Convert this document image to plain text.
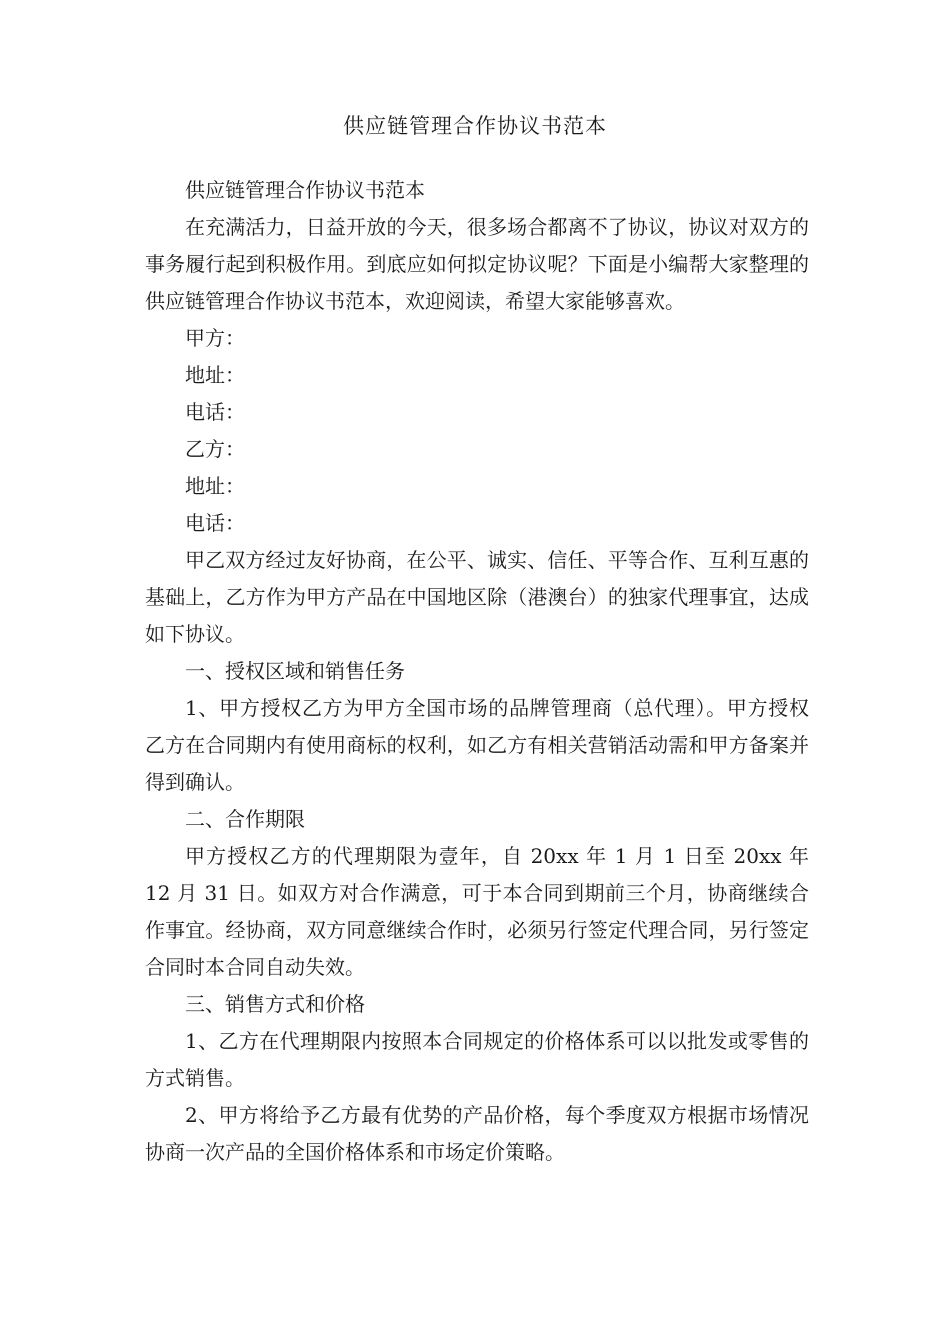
供应链管理合作协议书范本

供应链管理合作协议书范本

在充满活力，日益开放的今天，很多场合都离不了协议，协议对双方的事务履行起到积极作用。到底应如何拟定协议呢？下面是小编帮大家整理的供应链管理合作协议书范本，欢迎阅读，希望大家能够喜欢。

甲方：

地址：

电话：

乙方：

地址：

电话：

甲乙双方经过友好协商，在公平、诚实、信任、平等合作、互利互惠的基础上，乙方作为甲方产品在中国地区除（港澳台）的独家代理事宜，达成如下协议。

一、授权区域和销售任务

1、甲方授权乙方为甲方全国市场的品牌管理商（总代理）。甲方授权 乙方在合同期内有使用商标的权利，如乙方有相关营销活动需和甲方备案并得到确认。

二、合作期限

甲方授权乙方的代理期限为壹年，自 20xx 年 1 月 1 日至 20xx 年 12 月 31 日。如双方对合作满意，可于本合同到期前三个月，协商继续合作事宜。经协商，双方同意继续合作时，必须另行签定代理合同，另行签定合同时本合同自动失效。

三、销售方式和价格

1、乙方在代理期限内按照本合同规定的价格体系可以以批发或零售的方式销售。

2、甲方将给予乙方最有优势的产品价格，每个季度双方根据市场情况协商一次产品的全国价格体系和市场定价策略。
